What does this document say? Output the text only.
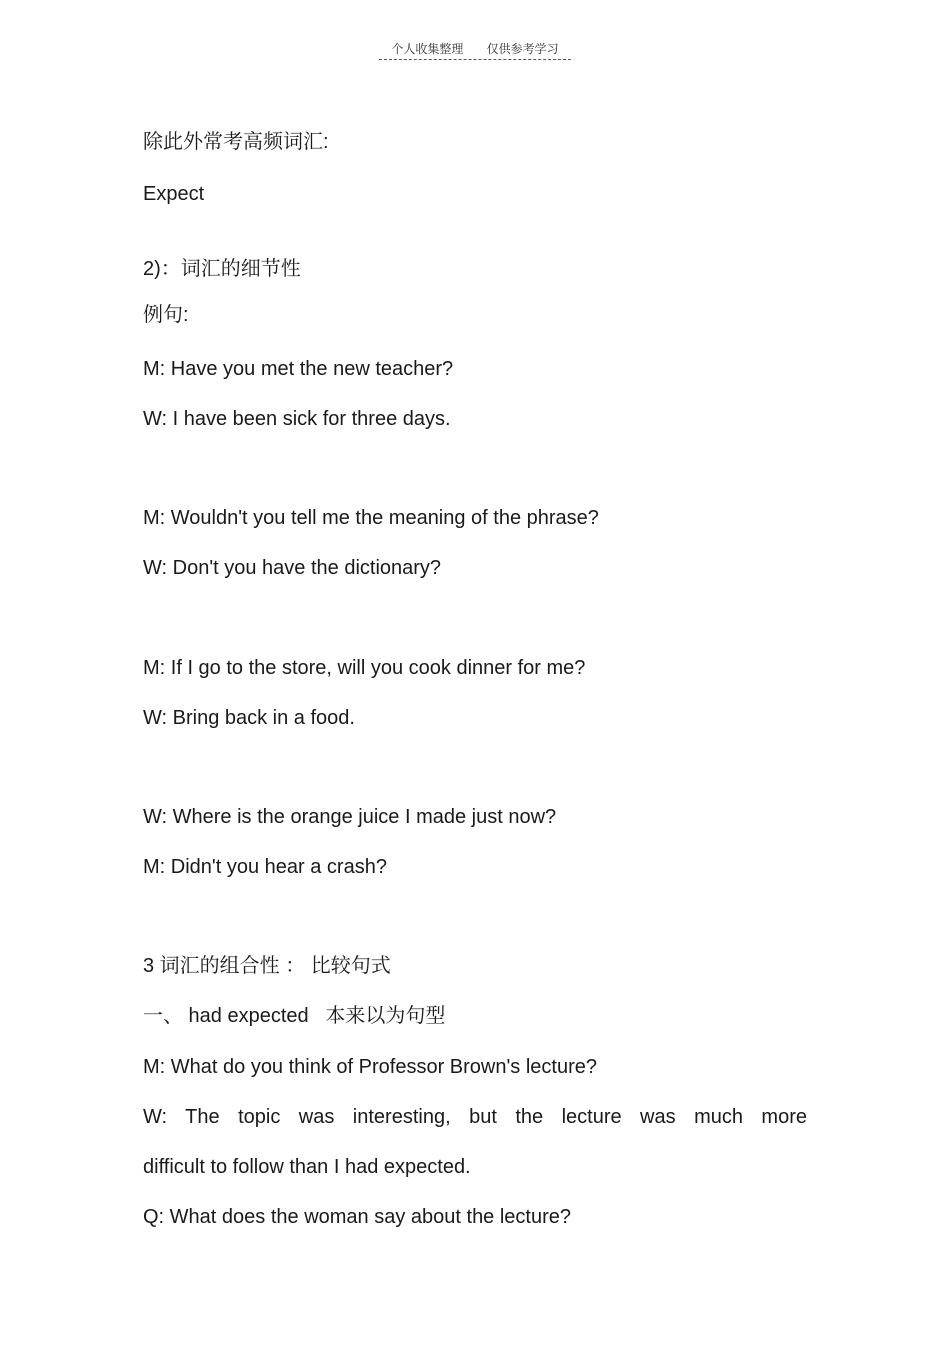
个人收集整理 仅供参考学习
除此外常考高频词汇:
Expect
2)：词汇的细节性
例句:
M: Have you met the new teacher?
W: I have been sick for three days.
M: Wouldn't you tell me the meaning of the phrase?
W: Don't you have the dictionary?
M: If I go to the store, will you cook dinner for me?
W: Bring back in a food.
W: Where is the orange juice I made just now?
M: Didn't you hear a crash?
3 词汇的组合性 ： 比较句式
一、 had expected   本来以为句型
M: What do you think of Professor Brown's lecture?
W: The topic was interesting, but the lecture was much more
difficult to follow than I had expected.
Q: What does the woman say about the lecture?
